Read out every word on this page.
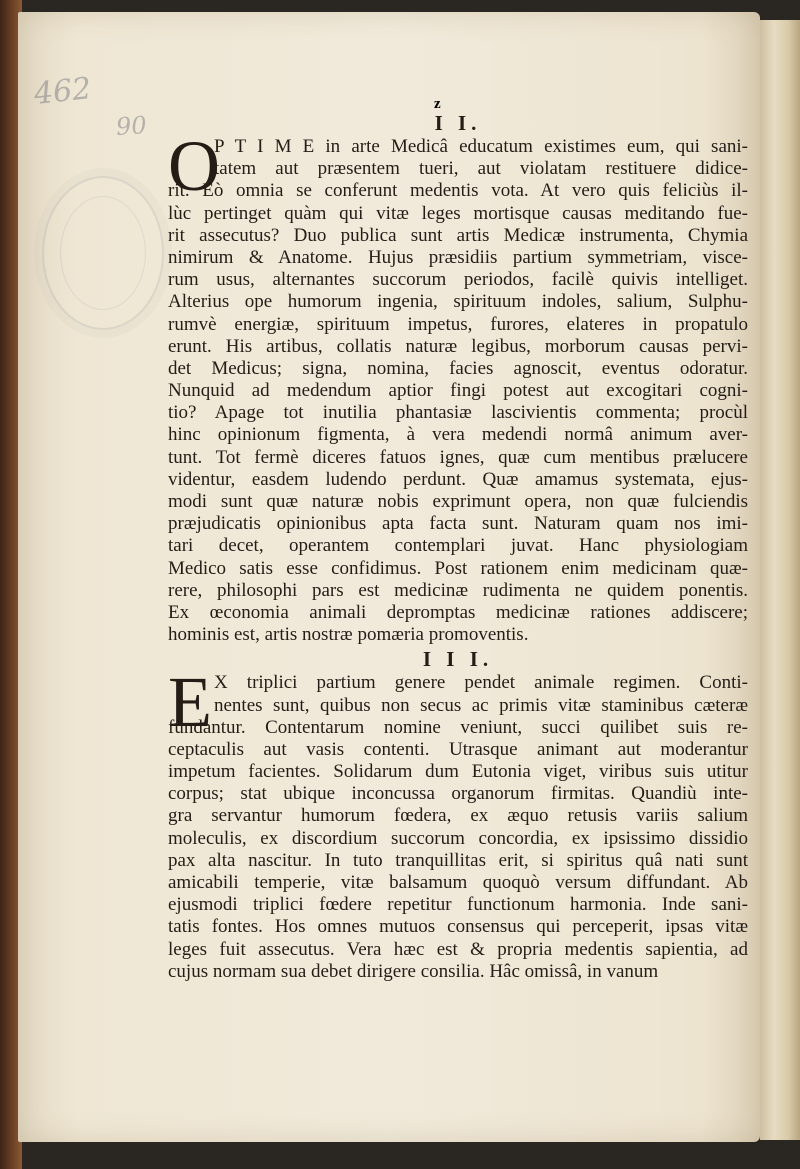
462
90

z

I I.
O

P T I M E in arte Medicâ educatum existimes eum, qui sani-

tatem aut præsentem tueri, aut violatam restituere didice-

rit. Eò omnia se conferunt medentis vota. At vero quis feliciùs il-

lùc pertinget quàm qui vitæ leges mortisque causas meditando fue-

rit assecutus? Duo publica sunt artis Medicæ instrumenta, Chymia

nimirum & Anatome. Hujus præsidiis partium symmetriam, visce-

rum usus, alternantes succorum periodos, facilè quivis intelliget.

Alterius ope humorum ingenia, spirituum indoles, salium, Sulphu-

rumvè energiæ, spirituum impetus, furores, elateres in propatulo

erunt. His artibus, collatis naturæ legibus, morborum causas pervi-

det Medicus; signa, nomina, facies agnoscit, eventus odoratur.

Nunquid ad medendum aptior fingi potest aut excogitari cogni-

tio? Apage tot inutilia phantasiæ lascivientis commenta; procùl

hinc opinionum figmenta, à vera medendi normâ animum aver-

tunt. Tot fermè diceres fatuos ignes, quæ cum mentibus prælucere

videntur, easdem ludendo perdunt. Quæ amamus systemata, ejus-

modi sunt quæ naturæ nobis exprimunt opera, non quæ fulciendis

præjudicatis opinionibus apta facta sunt. Naturam quam nos imi-

tari decet, operantem contemplari juvat. Hanc physiologiam

Medico satis esse confidimus. Post rationem enim medicinam quæ-

rere, philosophi pars est medicinæ rudimenta ne quidem ponentis.

Ex œconomia animali depromptas medicinæ rationes addiscere;

hominis est, artis nostræ pomæria promoventis.

I I I.
E X triplici partium genere pendet animale regimen. Conti-

nentes sunt, quibus non secus ac primis vitæ staminibus cæteræ

fundantur. Contentarum nomine veniunt, succi quilibet suis re-

ceptaculis aut vasis contenti. Utrasque animant aut moderantur

impetum facientes. Solidarum dum Eutonia viget, viribus suis utitur

corpus; stat ubique inconcussa organorum firmitas. Quandiù inte-

gra servantur humorum fœdera, ex æquo retusis variis salium

moleculis, ex discordium succorum concordia, ex ipsissimo dissidio

pax alta nascitur. In tuto tranquillitas erit, si spiritus quâ nati sunt

amicabili temperie, vitæ balsamum quoquò versum diffundant. Ab

ejusmodi triplici fœdere repetitur functionum harmonia. Inde sani-

tatis fontes. Hos omnes mutuos consensus qui perceperit, ipsas vitæ

leges fuit assecutus. Vera hæc est & propria medentis sapientia, ad

cujus normam sua debet dirigere consilia. Hâc omissâ, in vanum
